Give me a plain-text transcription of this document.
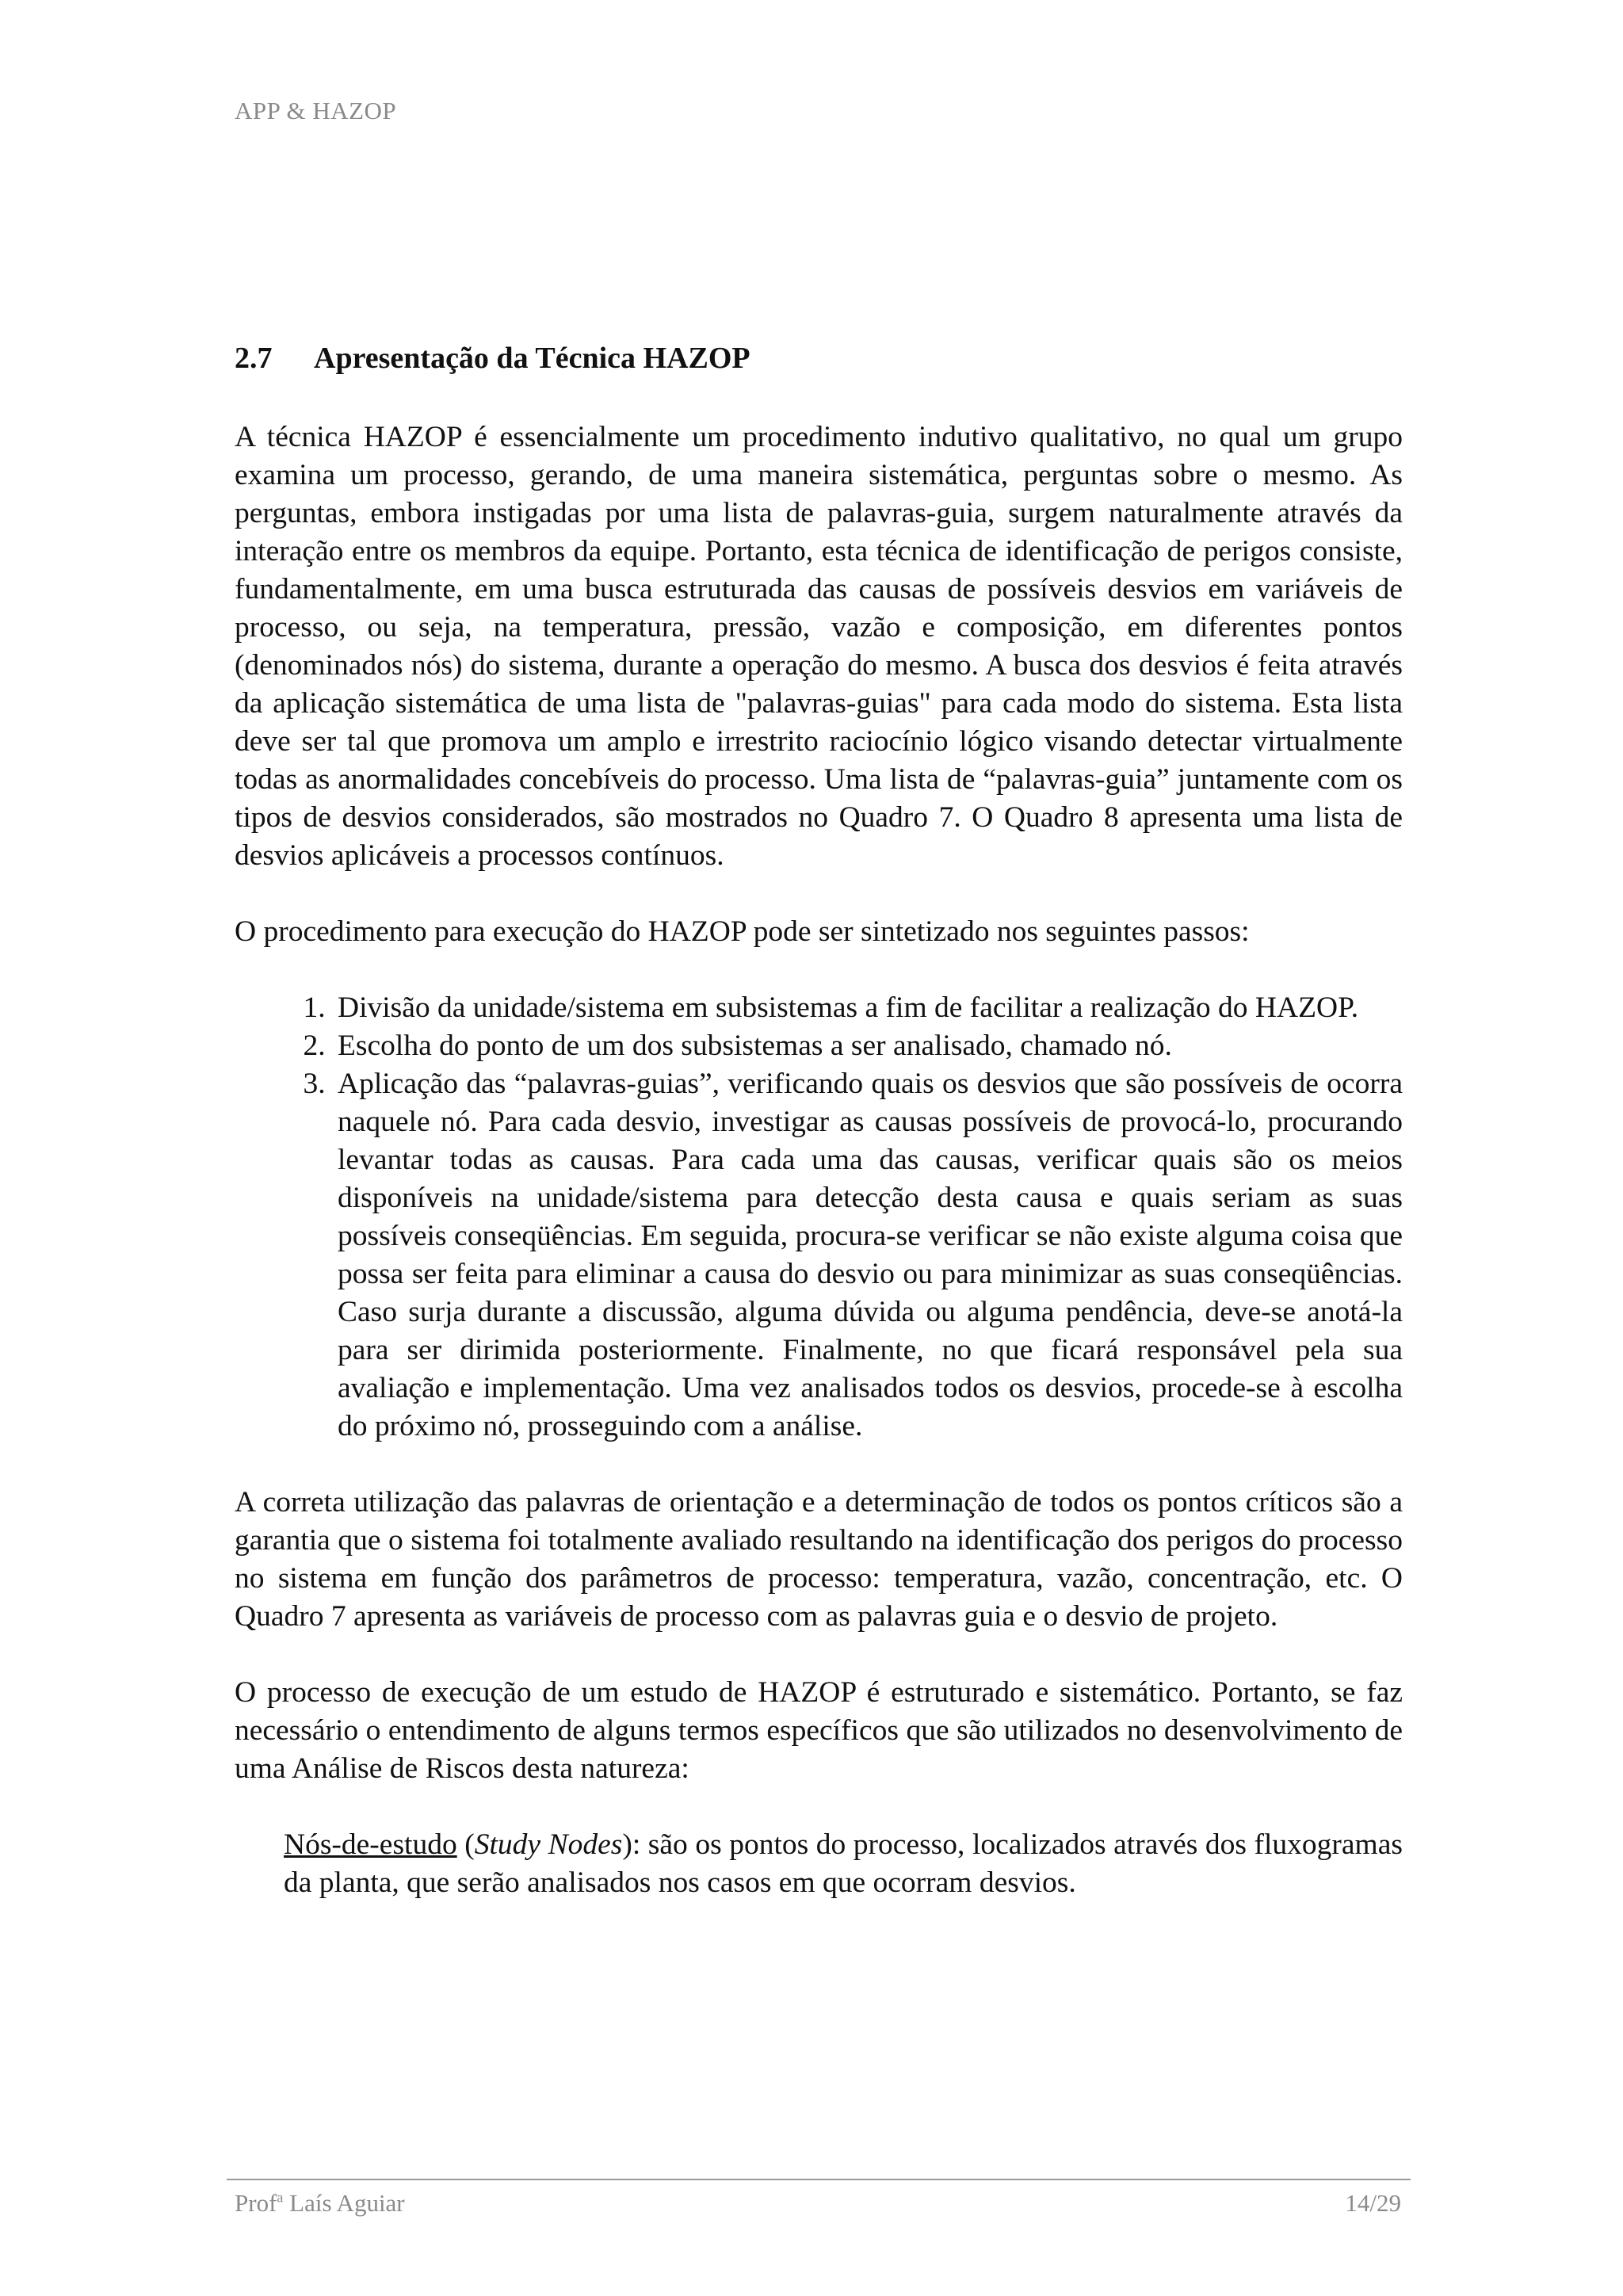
APP & HAZOP
2.7	Apresentação da Técnica HAZOP

A técnica HAZOP é essencialmente um procedimento indutivo qualitativo, no qual um grupo examina um processo, gerando, de uma maneira sistemática, perguntas sobre o mesmo. As perguntas, embora instigadas por uma lista de palavras-guia, surgem naturalmente através da interação entre os membros da equipe. Portanto, esta técnica de identificação de perigos consiste, fundamentalmente, em uma busca estruturada das causas de possíveis desvios em variáveis de processo, ou seja, na temperatura, pressão, vazão e composição, em diferentes pontos (denominados nós) do sistema, durante a operação do mesmo. A busca dos desvios é feita através da aplicação sistemática de uma lista de "palavras-guias" para cada modo do sistema. Esta lista deve ser tal que promova um amplo e irrestrito raciocínio lógico visando detectar virtualmente todas as anormalidades concebíveis do processo. Uma lista de “palavras-guia” juntamente com os tipos de desvios considerados, são mostrados no Quadro 7. O Quadro 8 apresenta uma lista de desvios aplicáveis a processos contínuos.

O procedimento para execução do HAZOP pode ser sintetizado nos seguintes passos:

1. Divisão da unidade/sistema em subsistemas a fim de facilitar a realização do HAZOP.
2. Escolha do ponto de um dos subsistemas a ser analisado, chamado nó.
3. Aplicação das “palavras-guias”, verificando quais os desvios que são possíveis de ocorra naquele nó. Para cada desvio, investigar as causas possíveis de provocá-lo, procurando levantar todas as causas. Para cada uma das causas, verificar quais são os meios disponíveis na unidade/sistema para detecção desta causa e quais seriam as suas possíveis conseqüências. Em seguida, procura-se verificar se não existe alguma coisa que possa ser feita para eliminar a causa do desvio ou para minimizar as suas conseqüências. Caso surja durante a discussão, alguma dúvida ou alguma pendência, deve-se anotá-la para ser dirimida posteriormente. Finalmente, no que ficará responsável pela sua avaliação e implementação. Uma vez analisados todos os desvios, procede-se à escolha do próximo nó, prosseguindo com a análise.

A correta utilização das palavras de orientação e a determinação de todos os pontos críticos são a garantia que o sistema foi totalmente avaliado resultando na identificação dos perigos do processo no sistema em função dos parâmetros de processo: temperatura, vazão, concentração, etc. O Quadro 7 apresenta as variáveis de processo com as palavras guia e o desvio de projeto.

O processo de execução de um estudo de HAZOP é estruturado e sistemático. Portanto, se faz necessário o entendimento de alguns termos específicos que são utilizados no desenvolvimento de uma Análise de Riscos desta natureza:

Nós-de-estudo (Study Nodes): são os pontos do processo, localizados através dos fluxogramas da planta, que serão analisados nos casos em que ocorram desvios.

Prof$^a$ Laís Aguiar	14/29
